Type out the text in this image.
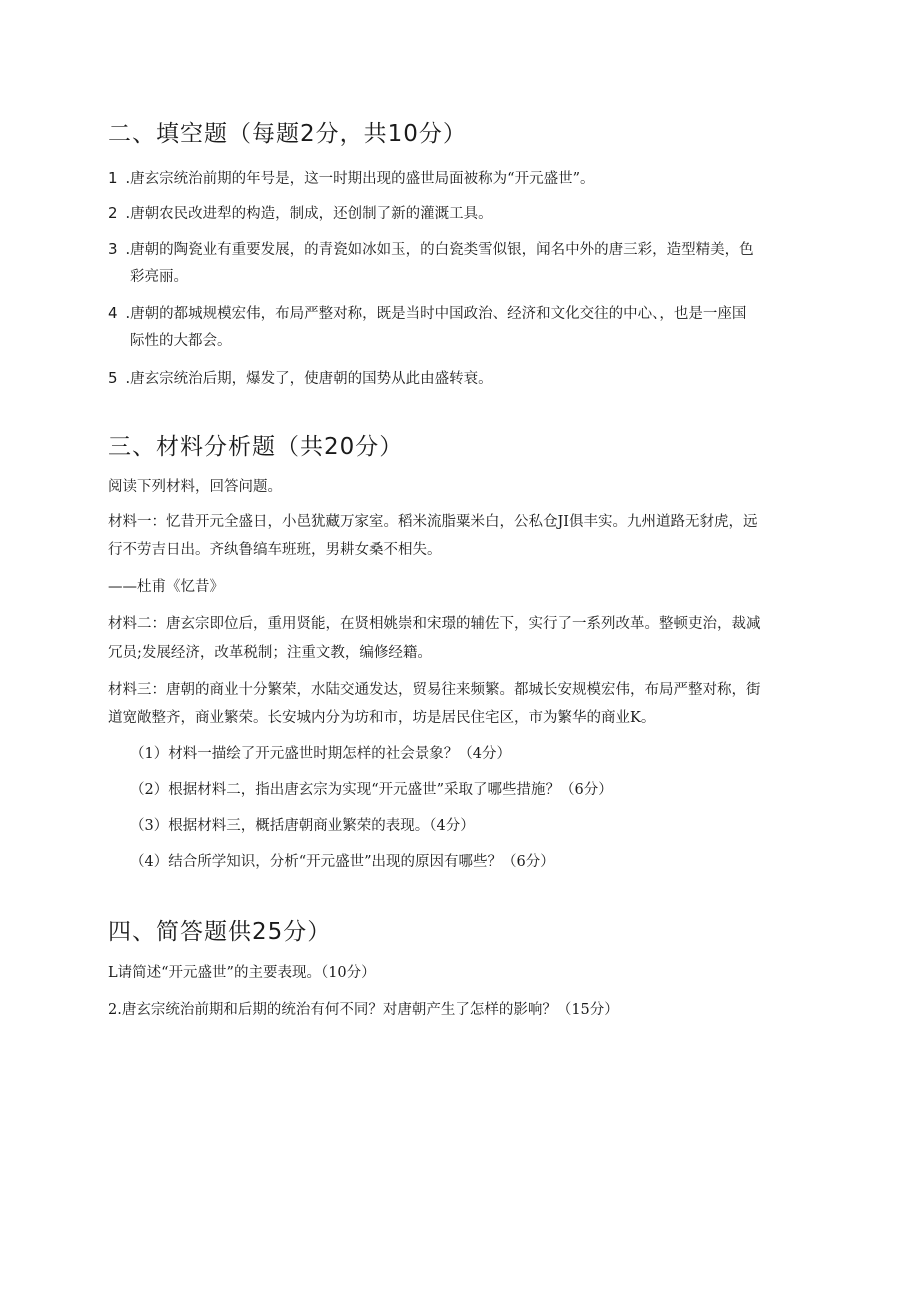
二、填空题（每题2分，共10分）
1 .唐玄宗统治前期的年号是，这一时期出现的盛世局面被称为“开元盛世”。
2 .唐朝农民改进犁的构造，制成，还创制了新的灌溉工具。
3 .唐朝的陶瓷业有重要发展，的青瓷如冰如玉，的白瓷类雪似银，闻名中外的唐三彩，造型精美，色
彩亮丽。
4 .唐朝的都城规模宏伟，布局严整对称，既是当时中国政治、经济和文化交往的中心、，也是一座国
际性的大都会。
5 .唐玄宗统治后期，爆发了，使唐朝的国势从此由盛转衰。
三、材料分析题（共20分）
阅读下列材料，回答问题。
材料一：忆昔开元全盛日，小邑犹藏万家室。稻米流脂粟米白，公私仓JI俱丰实。九州道路无豺虎，远
行不劳吉日出。齐纨鲁缟车班班，男耕女桑不相失。
——杜甫《忆昔》
材料二：唐玄宗即位后，重用贤能，在贤相姚崇和宋璟的辅佐下，实行了一系列改革。整顿吏治，裁减
冗员;发展经济，改革税制；注重文教，编修经籍。
材料三：唐朝的商业十分繁荣，水陆交通发达，贸易往来频繁。都城长安规模宏伟，布局严整对称，街
道宽敞整齐，商业繁荣。长安城内分为坊和市，坊是居民住宅区，市为繁华的商业K。
（1）材料一描绘了开元盛世时期怎样的社会景象？（4分）
（2）根据材料二，指出唐玄宗为实现“开元盛世”采取了哪些措施？（6分）
（3）根据材料三，概括唐朝商业繁荣的表现。（4分）
（4）结合所学知识，分析“开元盛世”出现的原因有哪些？（6分）
四、简答题供25分）
L请简述“开元盛世”的主要表现。（10分）
2.唐玄宗统治前期和后期的统治有何不同？对唐朝产生了怎样的影响？（15分）
